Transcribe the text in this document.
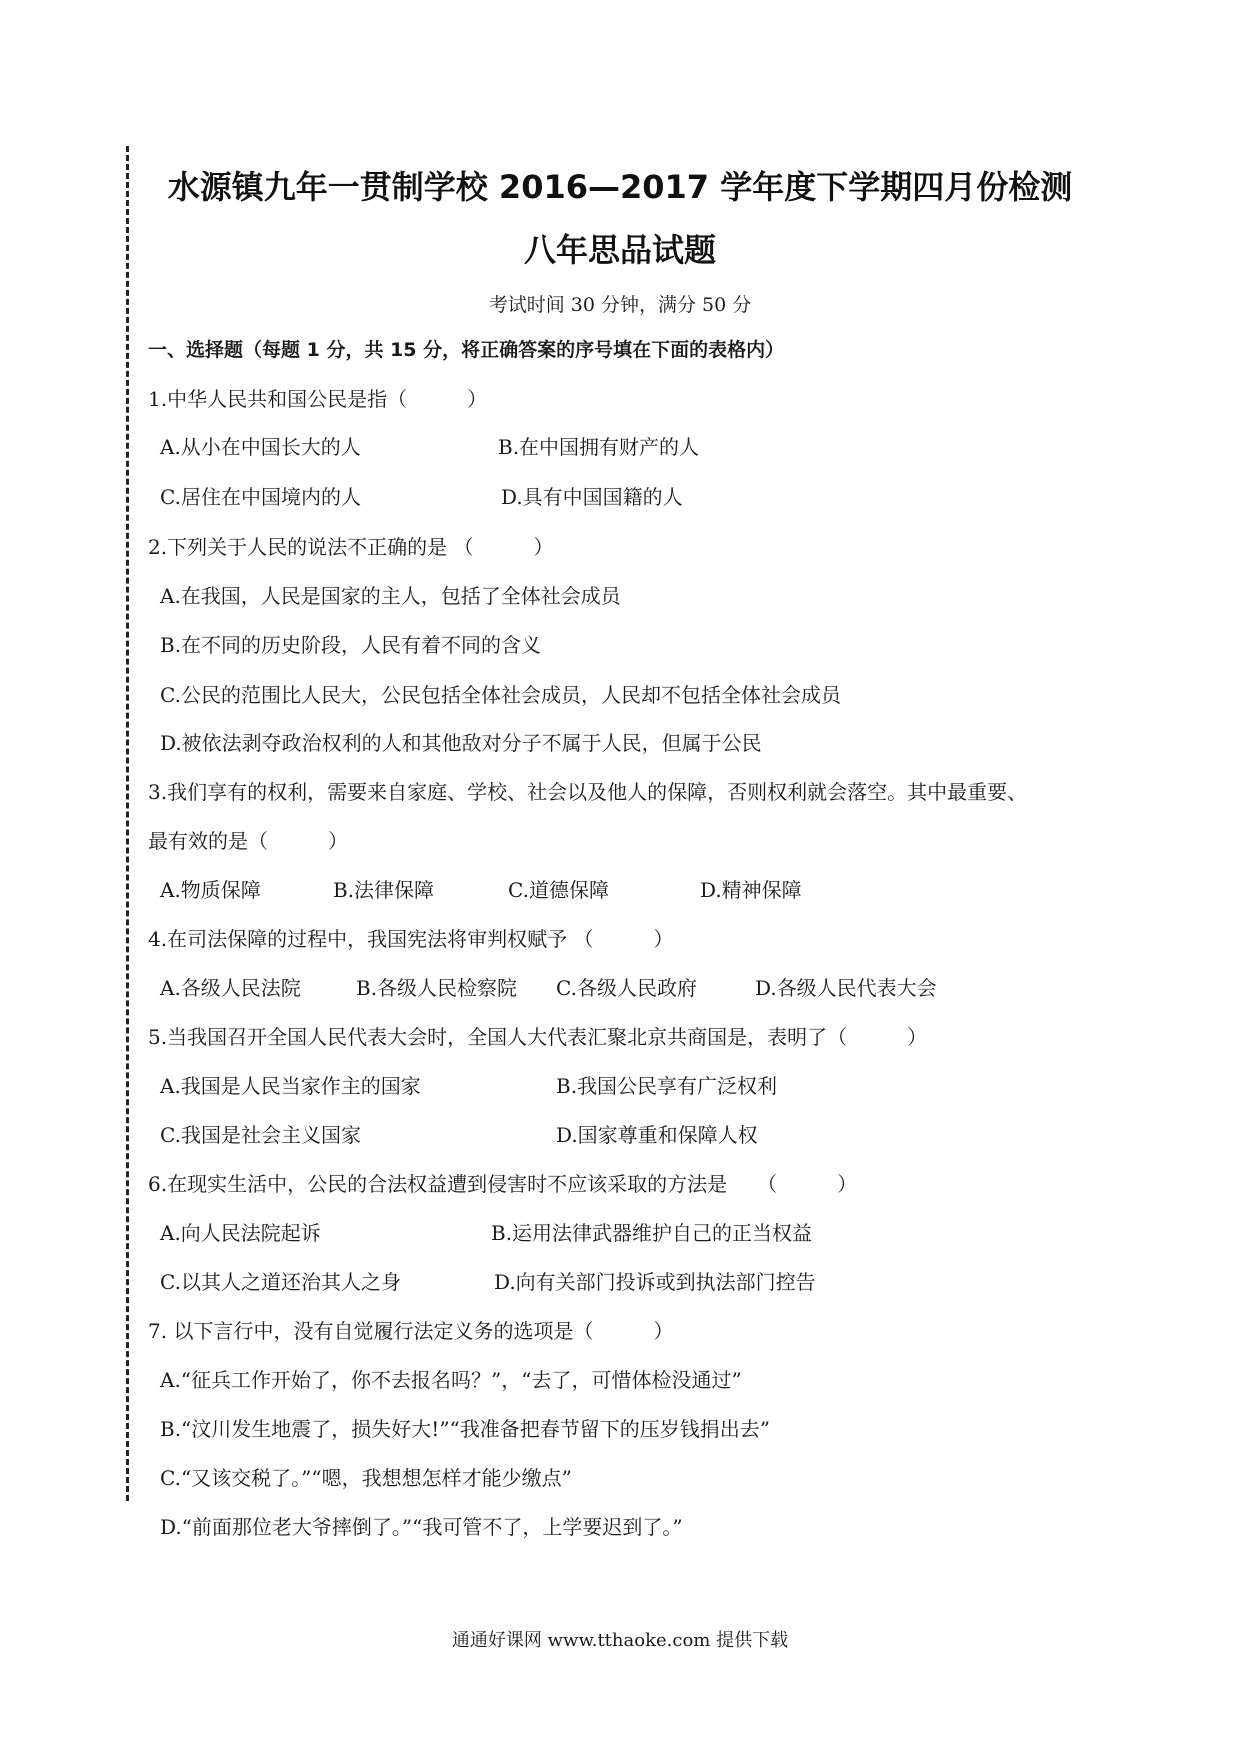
水源镇九年一贯制学校 2016—2017 学年度下学期四月份检测
八年思品试题
考试时间 30 分钟，满分 50 分
一、选择题（每题 1 分，共 15 分，将正确答案的序号填在下面的表格内）
1.中华人民共和国公民是指（　　　）
A.从小在中国长大的人	B.在中国拥有财产的人
C.居住在中国境内的人	D.具有中国国籍的人
2.下列关于人民的说法不正确的是 （　　　）
A.在我国，人民是国家的主人，包括了全体社会成员
B.在不同的历史阶段，人民有着不同的含义
C.公民的范围比人民大，公民包括全体社会成员，人民却不包括全体社会成员
D.被依法剥夺政治权利的人和其他敌对分子不属于人民，但属于公民
3.我们享有的权利，需要来自家庭、学校、社会以及他人的保障，否则权利就会落空。其中最重要、
最有效的是（　　　）
A.物质保障	B.法律保障	C.道德保障	D.精神保障
4.在司法保障的过程中，我国宪法将审判权赋予 （　　　）
A.各级人民法院	B.各级人民检察院 C.各级人民政府	D.各级人民代表大会
5.当我国召开全国人民代表大会时，全国人大代表汇聚北京共商国是，表明了（　　　）
A.我国是人民当家作主的国家	B.我国公民享有广泛权利
C.我国是社会主义国家	D.国家尊重和保障人权
6.在现实生活中，公民的合法权益遭到侵害时不应该采取的方法是　　（　　　）
A.向人民法院起诉	B.运用法律武器维护自己的正当权益
C.以其人之道还治其人之身	D.向有关部门投诉或到执法部门控告
7. 以下言行中，没有自觉履行法定义务的选项是（　　　）
A.“征兵工作开始了，你不去报名吗？”，“去了，可惜体检没通过”
B.“汶川发生地震了，损失好大!”“我准备把春节留下的压岁钱捐出去”
C.“又该交税了。”“嗯，我想想怎样才能少缴点”
D.“前面那位老大爷摔倒了。”“我可管不了，上学要迟到了。”
通通好课网 www.tthaoke.com 提供下载
